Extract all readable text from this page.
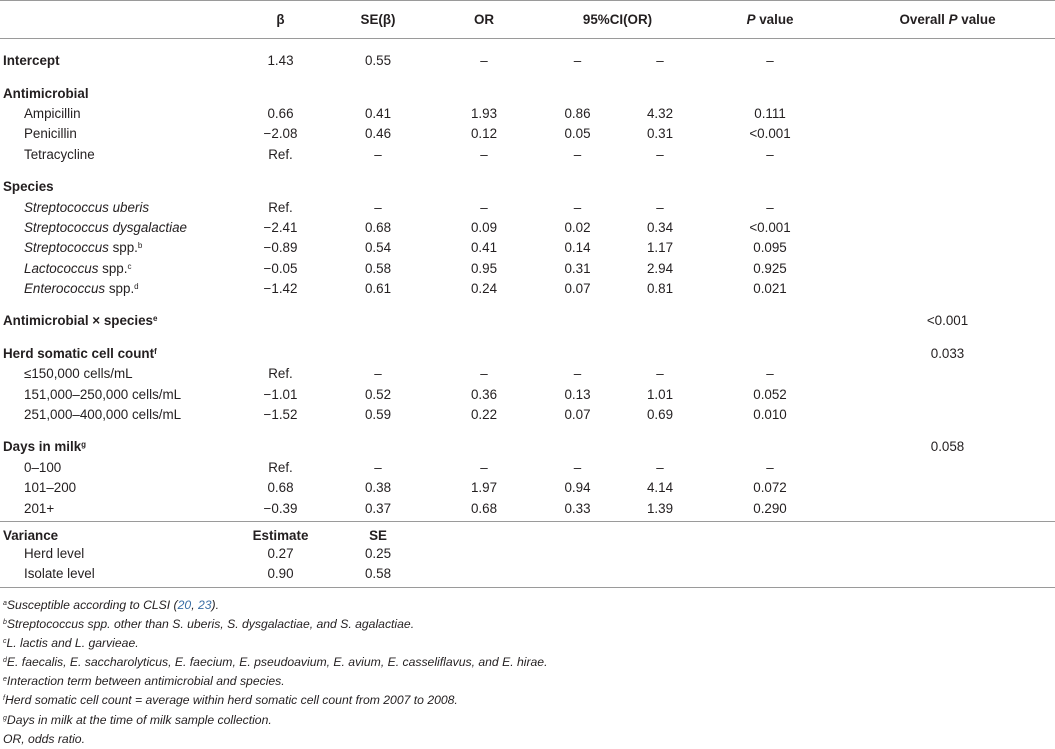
	β	SE(β)	OR	95%CI(OR)		P value	Overall P value

Intercept	1.43	0.55	–	–	–	–	

Antimicrobial							
Ampicillin	0.66	0.41	1.93	0.86	4.32	0.111	
Penicillin	−2.08	0.46	0.12	0.05	0.31	<0.001	
Tetracycline	Ref.	–	–	–	–	–	

Species							
Streptococcus uberis	Ref.	–	–	–	–	–	
Streptococcus dysgalactiae	−2.41	0.68	0.09	0.02	0.34	<0.001	
Streptococcus spp.$^b$	−0.89	0.54	0.41	0.14	1.17	0.095	
Lactococcus spp.$^c$	−0.05	0.58	0.95	0.31	2.94	0.925	
Enterococcus spp.$^d$	−1.42	0.61	0.24	0.07	0.81	0.021	

Antimicrobial × species$^e$							<0.001

Herd somatic cell count$^f$							0.033
≤150,000 cells/mL	Ref.	–	–	–	–	–	
151,000–250,000 cells/mL	−1.01	0.52	0.36	0.13	1.01	0.052	
251,000–400,000 cells/mL	−1.52	0.59	0.22	0.07	0.69	0.010	

Days in milk$^g$							0.058
0–100	Ref.	–	–	–	–	–	
101–200	0.68	0.38	1.97	0.94	4.14	0.072	
201+	−0.39	0.37	0.68	0.33	1.39	0.290	

Variance	Estimate	SE					
Herd level	0.27	0.25					
Isolate level	0.90	0.58					

$^a$Susceptible according to CLSI (20, 23).
$^b$Streptococcus spp. other than S. uberis, S. dysgalactiae, and S. agalactiae.
$^c$L. lactis and L. garvieae.
$^d$E. faecalis, E. saccharolyticus, E. faecium, E. pseudoavium, E. avium, E. casseliflavus, and E. hirae.
$^e$Interaction term between antimicrobial and species.
$^f$Herd somatic cell count = average within herd somatic cell count from 2007 to 2008.
$^g$Days in milk at the time of milk sample collection.
OR, odds ratio.
